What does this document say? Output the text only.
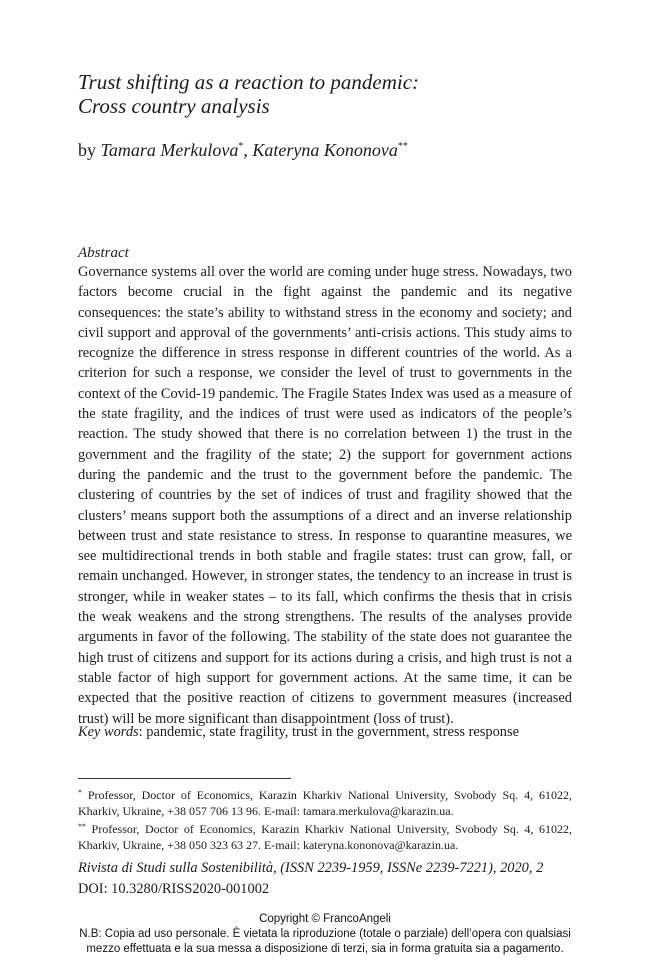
Trust shifting as a reaction to pandemic:
Cross country analysis
by Tamara Merkulova*, Kateryna Kononova**
Abstract

Governance systems all over the world are coming under huge stress. Nowadays, two factors become crucial in the fight against the pandemic and its negative consequences: the state’s ability to withstand stress in the economy and society; and civil support and approval of the governments’ anti-crisis actions. This study aims to recognize the difference in stress response in different countries of the world. As a criterion for such a response, we consider the level of trust to governments in the context of the Covid-19 pandemic. The Fragile States Index was used as a measure of the state fragility, and the indices of trust were used as indicators of the people’s reaction. The study showed that there is no correlation between 1) the trust in the government and the fragility of the state; 2) the support for government actions during the pandemic and the trust to the government before the pandemic. The clustering of countries by the set of indices of trust and fragility showed that the clusters’ means support both the assumptions of a direct and an inverse relationship between trust and state resistance to stress. In response to quarantine measures, we see multidirectional trends in both stable and fragile states: trust can grow, fall, or remain unchanged. However, in stronger states, the tendency to an increase in trust is stronger, while in weaker states – to its fall, which confirms the thesis that in crisis the weak weakens and the strong strengthens. The results of the analyses provide arguments in favor of the following. The stability of the state does not guarantee the high trust of citizens and support for its actions during a crisis, and high trust is not a stable factor of high support for government actions. At the same time, it can be expected that the positive reaction of citizens to government measures (increased trust) will be more significant than disappointment (loss of trust).

Key words: pandemic, state fragility, trust in the government, stress response

* Professor, Doctor of Economics, Karazin Kharkiv National University, Svobody Sq. 4, 61022, Kharkiv, Ukraine, +38 057 706 13 96. E-mail: tamara.merkulova@karazin.ua.

** Professor, Doctor of Economics, Karazin Kharkiv National University, Svobody Sq. 4, 61022, Kharkiv, Ukraine, +38 050 323 63 27. E-mail: kateryna.kononova@karazin.ua.

Rivista di Studi sulla Sostenibilità, (ISSN 2239-1959, ISSNe 2239-7221), 2020, 2
DOI: 10.3280/RISS2020-001002
Copyright © FrancoAngeli
N.B: Copia ad uso personale. È vietata la riproduzione (totale o parziale) dell’opera con qualsiasi
mezzo effettuata e la sua messa a disposizione di terzi, sia in forma gratuita sia a pagamento.
